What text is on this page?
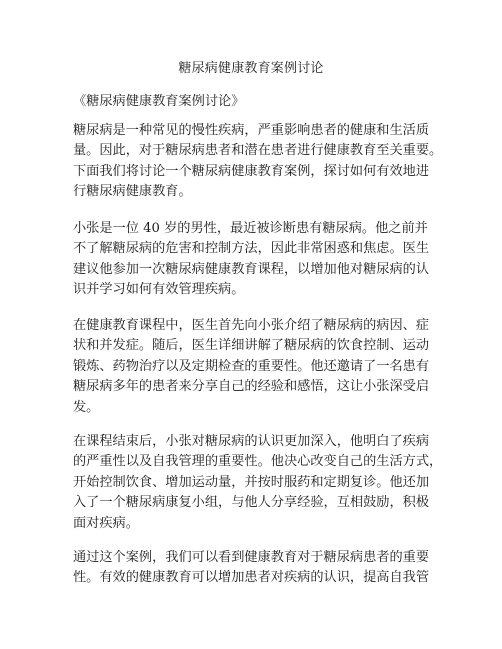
糖尿病健康教育案例讨论
《糖尿病健康教育案例讨论》

糖尿病是一种常见的慢性疾病，严重影响患者的健康和生活质
量。因此，对于糖尿病患者和潜在患者进行健康教育至关重要。
下面我们将讨论一个糖尿病健康教育案例，探讨如何有效地进
行糖尿病健康教育。

小张是一位 40 岁的男性，最近被诊断患有糖尿病。他之前并
不了解糖尿病的危害和控制方法，因此非常困惑和焦虑。医生
建议他参加一次糖尿病健康教育课程，以增加他对糖尿病的认
识并学习如何有效管理疾病。

在健康教育课程中，医生首先向小张介绍了糖尿病的病因、症
状和并发症。随后，医生详细讲解了糖尿病的饮食控制、运动
锻炼、药物治疗以及定期检查的重要性。他还邀请了一名患有
糖尿病多年的患者来分享自己的经验和感悟，这让小张深受启
发。

在课程结束后，小张对糖尿病的认识更加深入，他明白了疾病
的严重性以及自我管理的重要性。他决心改变自己的生活方式，
开始控制饮食、增加运动量，并按时服药和定期复诊。他还加
入了一个糖尿病康复小组，与他人分享经验，互相鼓励，积极
面对疾病。

通过这个案例，我们可以看到健康教育对于糖尿病患者的重要
性。有效的健康教育可以增加患者对疾病的认识，提高自我管
